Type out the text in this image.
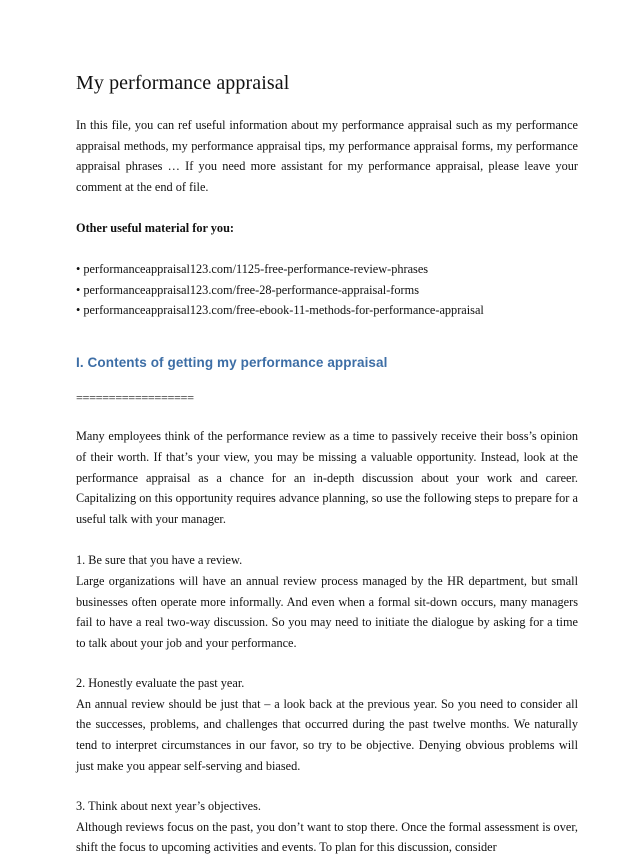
My performance appraisal

In this file, you can ref useful information about my performance appraisal such as my performance appraisal methods, my performance appraisal tips, my performance appraisal forms, my performance appraisal phrases … If you need more assistant for my performance appraisal, please leave your comment at the end of file.

Other useful material for you:

• performanceappraisal123.com/1125-free-performance-review-phrases

• performanceappraisal123.com/free-28-performance-appraisal-forms

• performanceappraisal123.com/free-ebook-11-methods-for-performance-appraisal

I. Contents of getting my performance appraisal

==================

Many employees think of the performance review as a time to passively receive their boss’s opinion of their worth. If that’s your view, you may be missing a valuable opportunity. Instead, look at the performance appraisal as a chance for an in-depth discussion about your work and career. Capitalizing on this opportunity requires advance planning, so use the following steps to prepare for a useful talk with your manager.

1. Be sure that you have a review.

Large organizations will have an annual review process managed by the HR department, but small businesses often operate more informally. And even when a formal sit-down occurs, many managers fail to have a real two-way discussion. So you may need to initiate the dialogue by asking for a time to talk about your job and your performance.

2. Honestly evaluate the past year.

An annual review should be just that – a look back at the previous year. So you need to consider all the successes, problems, and challenges that occurred during the past twelve months. We naturally tend to interpret circumstances in our favor, so try to be objective. Denying obvious problems will just make you appear self-serving and biased.

3. Think about next year’s objectives.

Although reviews focus on the past, you don’t want to stop there. Once the formal assessment is over, shift the focus to upcoming activities and events. To plan for this discussion, consider
